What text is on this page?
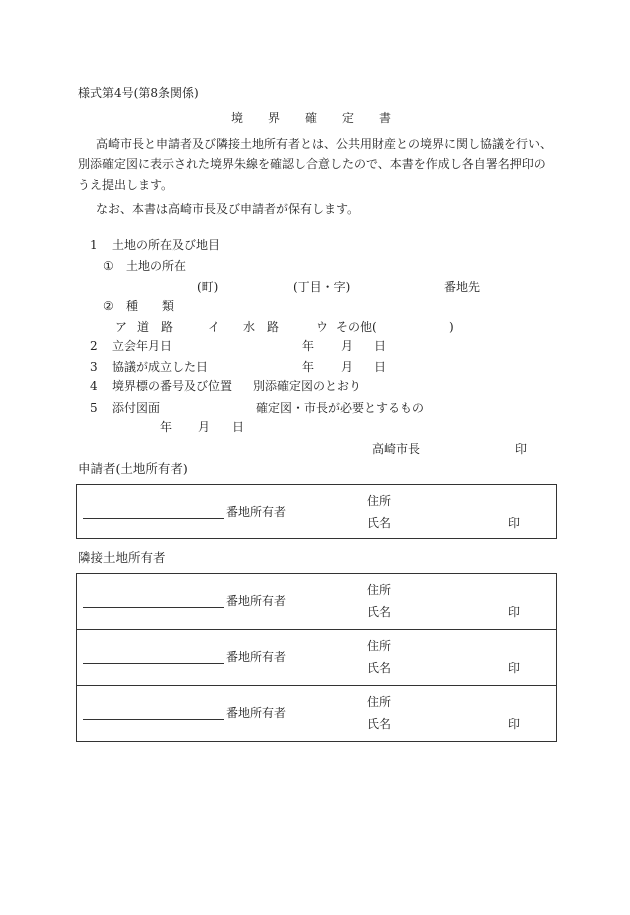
様式第4号(第8条関係)
境　界　確　定　書
高崎市長と申請者及び隣接土地所有者とは、公共用財産との境界に関し協議を行い、
別添確定図に表示された境界朱線を確認し合意したので、本書を作成し各自署名押印の
うえ提出します。
なお、本書は高崎市長及び申請者が保有します。
1 土地の所在及び地目
① 土地の所在
(町)	(丁目・字)	番地先
② 種　　類
ア 道　路	イ 水　路	ウ その他(	)
2 立会年月日	年 月 日
3 協議が成立した日	年 月 日
4 境界標の番号及び位置 別添確定図のとおり
5 添付図面	確定図・市長が必要とするもの
年 月 日
高崎市長	印
申請者(土地所有者)
番地所有者
住所
氏名	印
隣接土地所有者
番地所有者
住所
氏名	印
番地所有者
住所
氏名	印
番地所有者
住所
氏名	印
